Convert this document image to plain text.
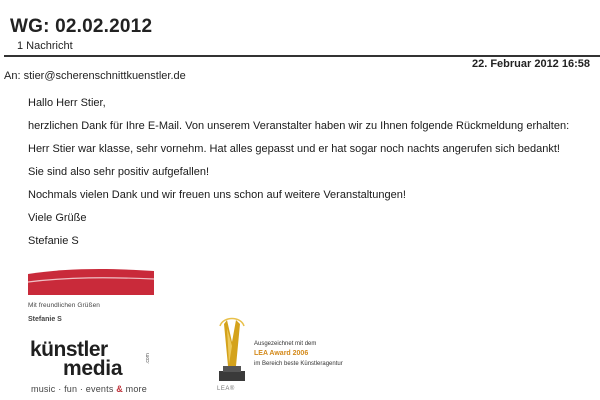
WG: 02.02.2012
1 Nachricht
22. Februar 2012 16:58
An: stier@scherenschnittkuenstler.de
Hallo Herr Stier,
herzlichen Dank für Ihre E-Mail. Von unserem Veranstalter haben wir zu Ihnen folgende Rückmeldung erhalten:
Herr Stier war klasse, sehr vornehm. Hat alles gepasst und er hat sogar noch nachts angerufen sich bedankt!
Sie sind also sehr positiv aufgefallen!
Nochmals vielen Dank und wir freuen uns schon auf weitere Veranstaltungen!
Viele Grüße
Stefanie S
Mit freundlichen Grüßen
Stefanie S
künstler
media	.com
music · fun · events & more	LEA®
Ausgezeichnet mit dem
LEA Award 2006
im Bereich beste Künstleragentur
